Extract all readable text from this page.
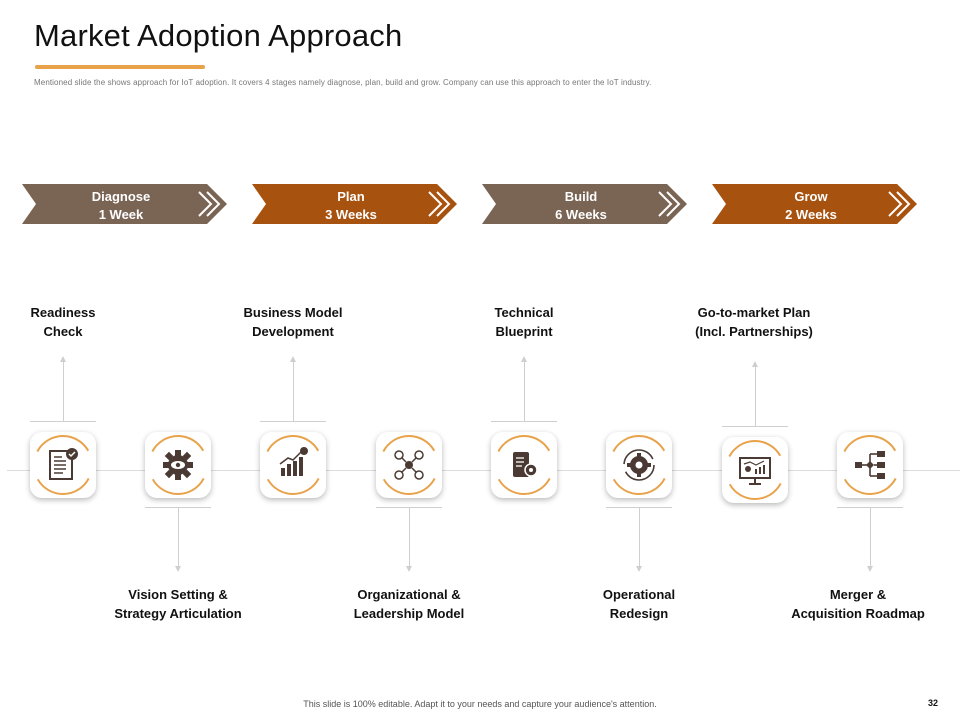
Market Adoption Approach
Mentioned slide the shows approach for IoT adoption. It covers 4 stages namely diagnose, plan, build and grow. Company can use this approach to enter the IoT industry.
Diagnose
1 Week
Plan
3 Weeks
Build
6 Weeks
Grow
2 Weeks
Readiness
Check
Vision Setting &
Strategy Articulation
Business Model
Development
Organizational &
Leadership Model
Technical
Blueprint
Operational
Redesign
Go-to-market Plan
(Incl. Partnerships)
Merger &
Acquisition Roadmap
This slide is 100% editable. Adapt it to your needs and capture your audience's attention.	32
